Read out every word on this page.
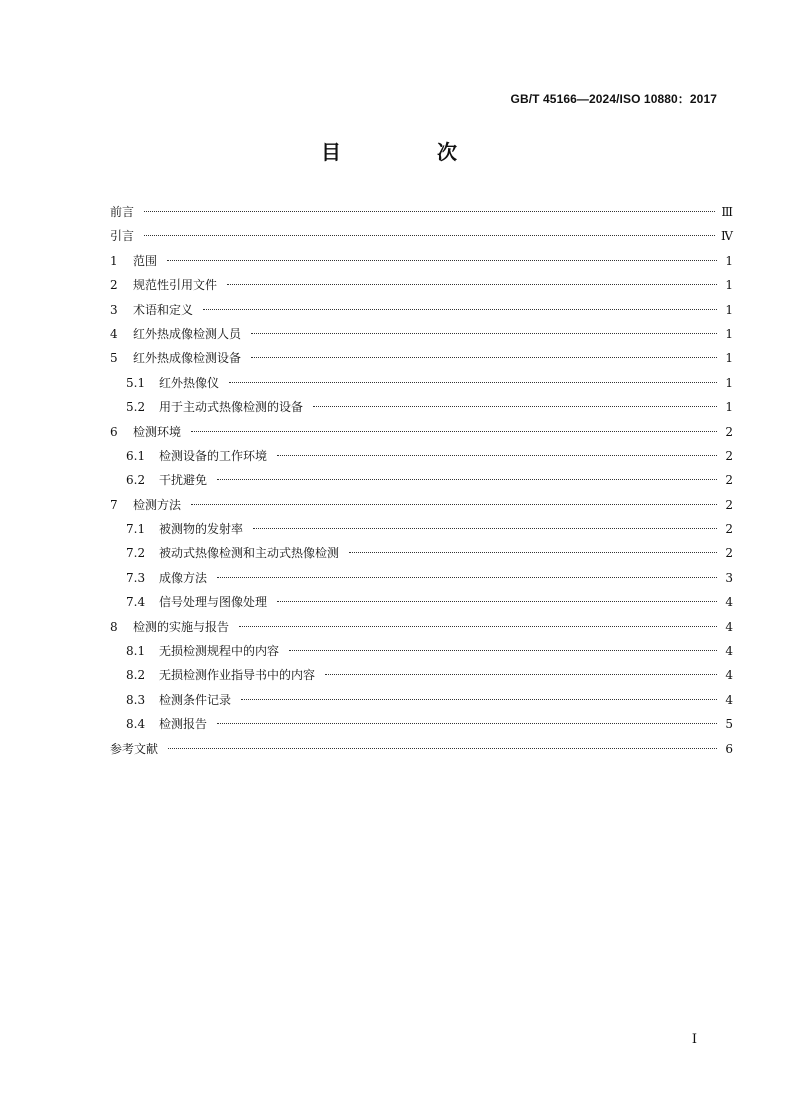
GB/T 45166—2024/ISO 10880：2017
目　次
前言	Ⅲ
引言	Ⅳ
1	范围	1
2	规范性引用文件	1
3	术语和定义	1
4	红外热成像检测人员	1
5	红外热成像检测设备	1
5.1	红外热像仪	1
5.2	用于主动式热像检测的设备	1
6	检测环境	2
6.1	检测设备的工作环境	2
6.2	干扰避免	2
7	检测方法	2
7.1	被测物的发射率	2
7.2	被动式热像检测和主动式热像检测	2
7.3	成像方法	3
7.4	信号处理与图像处理	4
8	检测的实施与报告	4
8.1	无损检测规程中的内容	4
8.2	无损检测作业指导书中的内容	4
8.3	检测条件记录	4
8.4	检测报告	5
参考文献	6
Ⅰ
